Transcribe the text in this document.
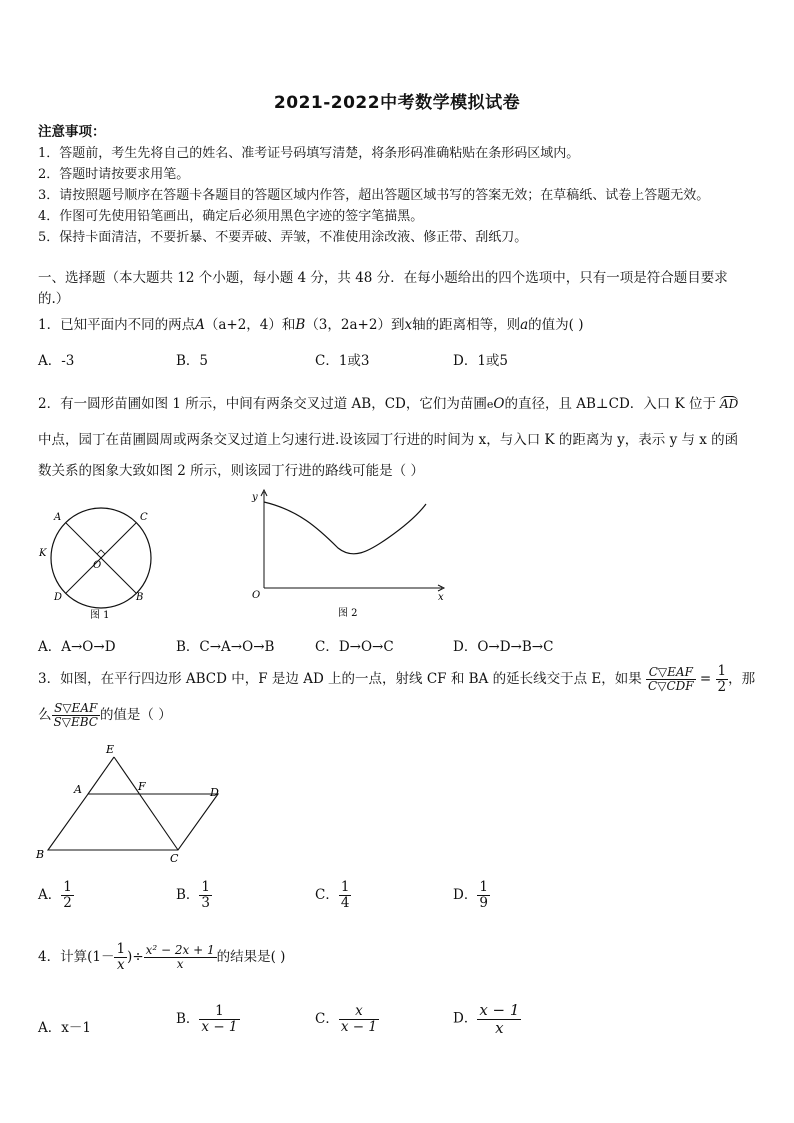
2021-2022中考数学模拟试卷
注意事项：
1．答题前，考生先将自己的姓名、准考证号码填写清楚，将条形码准确粘贴在条形码区域内。
2．答题时请按要求用笔。
3．请按照题号顺序在答题卡各题目的答题区域内作答，超出答题区域书写的答案无效；在草稿纸、试卷上答题无效。
4．作图可先使用铅笔画出，确定后必须用黑色字迹的签字笔描黑。
5．保持卡面清洁，不要折暴、不要弄破、弄皱，不准使用涂改液、修正带、刮纸刀。
一、选择题（本大题共 12 个小题，每小题 4 分，共 48 分．在每小题给出的四个选项中，只有一项是符合题目要求
的.）
1．已知平面内不同的两点A（a+2，4）和B（3，2a+2）到x轴的距离相等，则a的值为( )
A．-3	B．5	C．1或3	D．1或5
2．有一圆形苗圃如图 1 所示，中间有两条交叉过道 AB，CD，它们为苗圃eO的直径，且 AB⊥CD．入口 K 位于 AD
中点，园丁在苗圃圆周或两条交叉过道上匀速行进.设该园丁行进的时间为 x，与入口 K 的距离为 y，表示 y 与 x 的函
数关系的图象大致如图 2 所示，则该园丁行进的路线可能是（ ）
A	C
K
O
D	B
图 1
y
O	x
图 2
A．A→O→D	B．C→A→O→B	C．D→O→C	D．O→D→B→C
3．如图，在平行四边形 ABCD 中，F 是边 AD 上的一点，射线 CF 和 BA 的延长线交于点 E，如果 $\frac{\text{C▽EAF}}{\text{C▽CDF}} = \frac{1}{2}$ ，那
么 $\frac{\text{S▽EAF}}{\text{S▽EBC}}$ 的值是（ ）
E
A	F	D
B	C
A． $\frac{1}{2}$	B． $\frac{1}{3}$	C． $\frac{1}{4}$	D． $\frac{1}{9}$
4．计算($1- \frac{1}{x}$ )÷ $\frac{\text{x² − 2x + 1}}{x}$ 的结果是( )
A．x－1
B． $\frac{1}{x - 1}$	C． $\frac{x}{x - 1}$	D． $\frac{x - 1}{x}$
